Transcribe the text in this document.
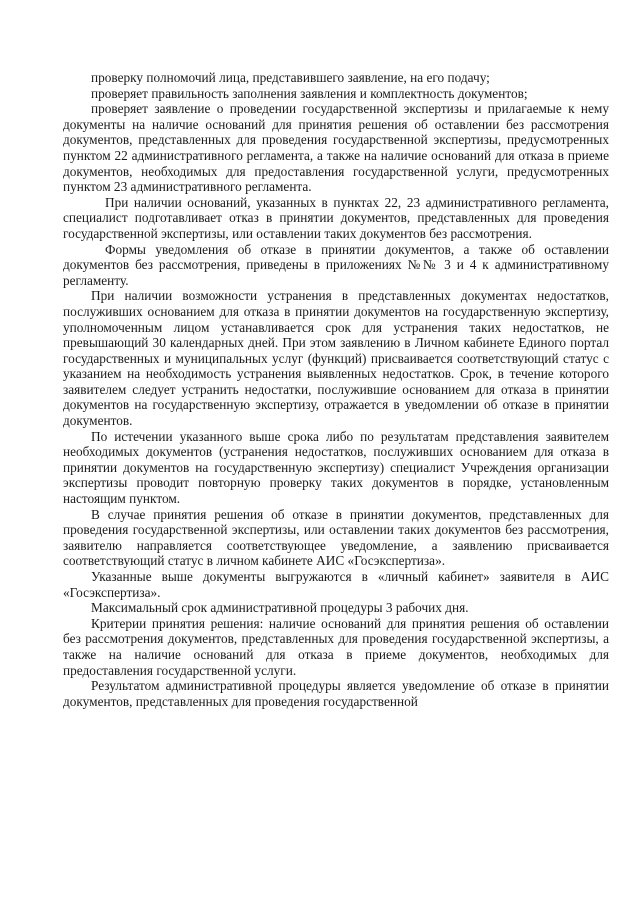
проверку полномочий лица, представившего заявление, на его подачу;

проверяет правильность заполнения заявления и комплектность документов;

проверяет заявление о проведении государственной экспертизы и прилагаемые к нему документы на наличие оснований для принятия решения об оставлении без рассмотрения документов, представленных для проведения государственной экспертизы, предусмотренных пунктом 22 административного регламента, а также на наличие оснований для отказа в приеме документов, необходимых для предоставления государственной услуги, предусмотренных пунктом 23 административного регламента.

При наличии оснований, указанных в пунктах 22, 23 административного регламента, специалист подготавливает отказ в принятии документов, представленных для проведения государственной экспертизы, или оставлении таких документов без рассмотрения.

Формы уведомления об отказе в принятии документов, а также об оставлении документов без рассмотрения, приведены в приложениях №№ 3 и 4 к административному регламенту.

При наличии возможности устранения в представленных документах недостатков, послуживших основанием для отказа в принятии документов на государственную экспертизу, уполномоченным лицом устанавливается срок для устранения таких недостатков, не превышающий 30 календарных дней. При этом заявлению в Личном кабинете Единого портал государственных и муниципальных услуг (функций) присваивается соответствующий статус с указанием на необходимость устранения выявленных недостатков. Срок, в течение которого заявителем следует устранить недостатки, послужившие основанием для отказа в принятии документов на государственную экспертизу, отражается в уведомлении об отказе в принятии документов.

По истечении указанного выше срока либо по результатам представления заявителем необходимых документов (устранения недостатков, послуживших основанием для отказа в принятии документов на государственную экспертизу) специалист Учреждения организации экспертизы проводит повторную проверку таких документов в порядке, установленным настоящим пунктом.

В случае принятия решения об отказе в принятии документов, представленных для проведения государственной экспертизы, или оставлении таких документов без рассмотрения, заявителю направляется соответствующее уведомление, а заявлению присваивается соответствующий статус в личном кабинете АИС «Госэкспертиза».

Указанные выше документы выгружаются в «личный кабинет» заявителя в АИС «Госэкспертиза».

Максимальный срок административной процедуры 3 рабочих дня.

Критерии принятия решения: наличие оснований для принятия решения об оставлении без рассмотрения документов, представленных для проведения государственной экспертизы, а также на наличие оснований для отказа в приеме документов, необходимых для предоставления государственной услуги.

Результатом административной процедуры является уведомление об отказе в принятии документов, представленных для проведения государственной
